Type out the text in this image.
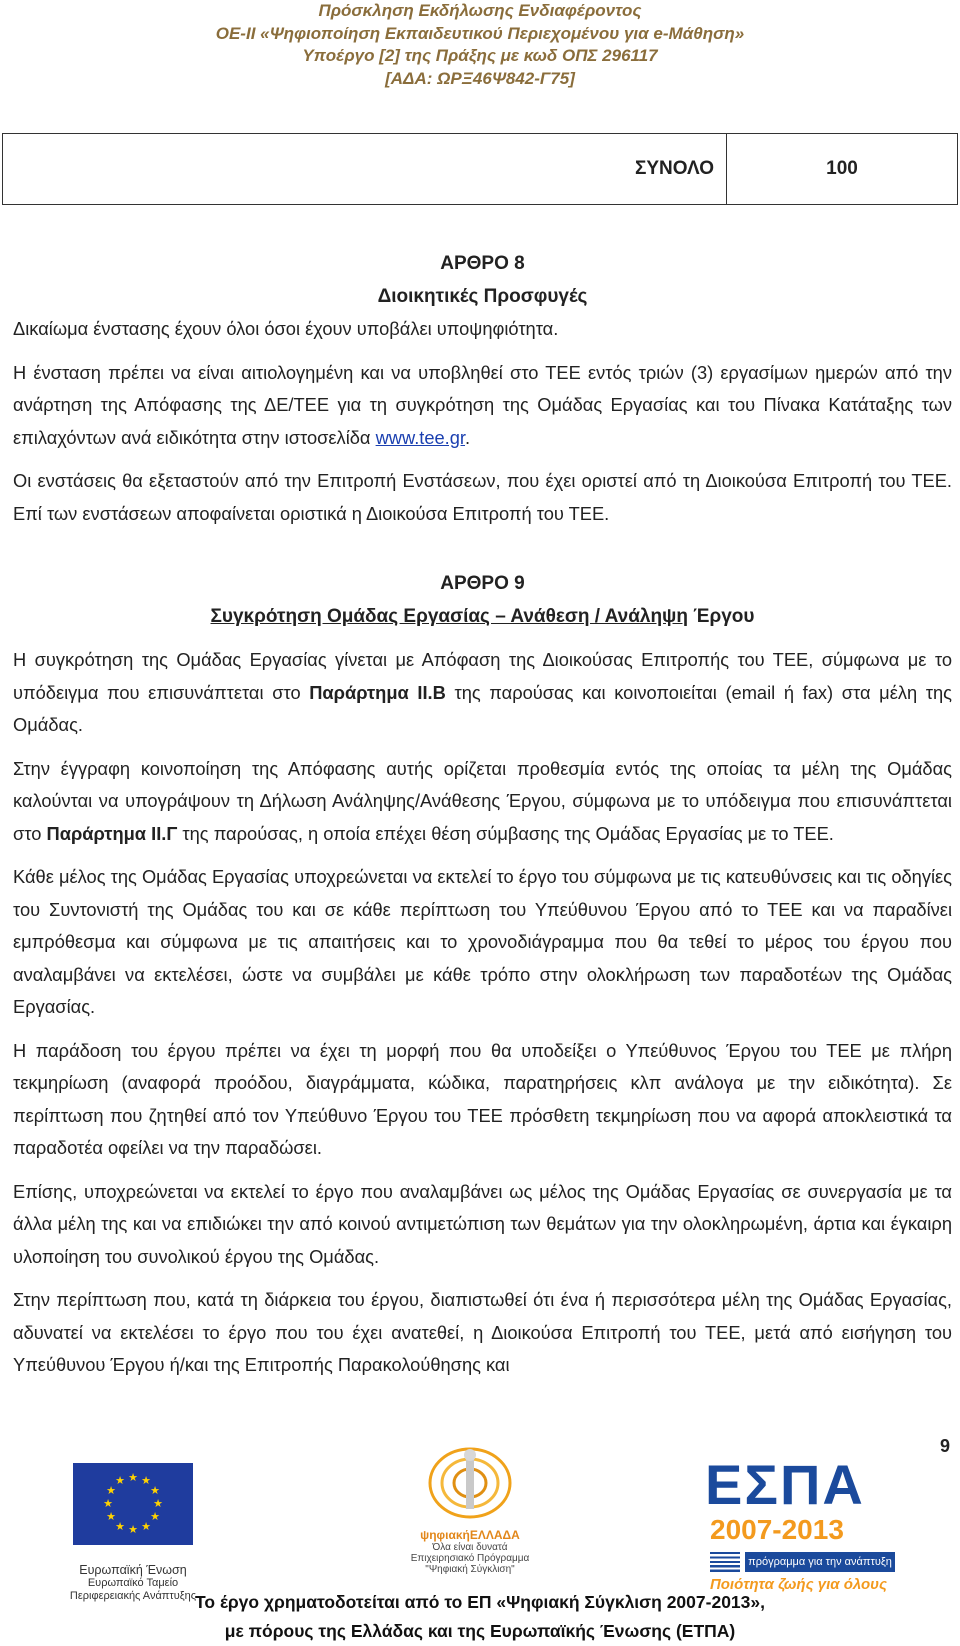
Πρόσκληση Εκδήλωσης Ενδιαφέροντος
ΟΕ-ΙΙ «Ψηφιοποίηση Εκπαιδευτικού Περιεχομένου για e-Μάθηση»
Υποέργο [2] της Πράξης με κωδ ΟΠΣ 296117
[ΑΔΑ: ΩΡΞ46Ψ842-Γ75]
ΣΥΝΟΛΟ	100
ΑΡΘΡΟ 8
Διοικητικές Προσφυγές

Δικαίωμα ένστασης έχουν όλοι όσοι έχουν υποβάλει υποψηφιότητα.

Η ένσταση πρέπει να είναι αιτιολογημένη και να υποβληθεί στο ΤΕΕ εντός τριών (3) εργασίμων ημερών από την ανάρτηση της Απόφασης της ΔΕ/ΤΕΕ για τη συγκρότηση της Ομάδας Εργασίας και του Πίνακα Κατάταξης των επιλαχόντων ανά ειδικότητα στην ιστοσελίδα www.tee.gr.

Οι ενστάσεις θα εξεταστούν από την Επιτροπή Ενστάσεων, που έχει οριστεί από τη Διοικούσα Επιτροπή του ΤΕΕ. Επί των ενστάσεων αποφαίνεται οριστικά η Διοικούσα Επιτροπή του ΤΕΕ.

ΑΡΘΡΟ 9
Συγκρότηση Ομάδας Εργασίας – Ανάθεση / Ανάληψη Έργου

Η συγκρότηση της Ομάδας Εργασίας γίνεται με Απόφαση της Διοικούσας Επιτροπής του ΤΕΕ, σύμφωνα με το υπόδειγμα που επισυνάπτεται στο Παράρτημα ΙΙ.Β της παρούσας και κοινοποιείται (email ή fax) στα μέλη της Ομάδας.

Στην έγγραφη κοινοποίηση της Απόφασης αυτής ορίζεται προθεσμία εντός της οποίας τα μέλη της Ομάδας καλούνται να υπογράψουν τη Δήλωση Ανάληψης/Ανάθεσης Έργου, σύμφωνα με το υπόδειγμα που επισυνάπτεται στο Παράρτημα ΙΙ.Γ της παρούσας, η οποία επέχει θέση σύμβασης της Ομάδας Εργασίας με το ΤΕΕ.

Κάθε μέλος της Ομάδας Εργασίας υποχρεώνεται να εκτελεί το έργο του σύμφωνα με τις κατευθύνσεις και τις οδηγίες του Συντονιστή της Ομάδας του και σε κάθε περίπτωση του Υπεύθυνου Έργου από το ΤΕΕ και να παραδίνει εμπρόθεσμα και σύμφωνα με τις απαιτήσεις και το χρονοδιάγραμμα που θα τεθεί το μέρος του έργου που αναλαμβάνει να εκτελέσει, ώστε να συμβάλει με κάθε τρόπο στην ολοκλήρωση των παραδοτέων της Ομάδας Εργασίας.

Η παράδοση του έργου πρέπει να έχει τη μορφή που θα υποδείξει ο Υπεύθυνος Έργου του ΤΕΕ με πλήρη τεκμηρίωση (αναφορά προόδου, διαγράμματα, κώδικα, παρατηρήσεις κλπ ανάλογα με την ειδικότητα). Σε περίπτωση που ζητηθεί από τον Υπεύθυνο Έργου του ΤΕΕ πρόσθετη τεκμηρίωση που να αφορά αποκλειστικά τα παραδοτέα οφείλει να την παραδώσει.

Επίσης, υποχρεώνεται να εκτελεί το έργο που αναλαμβάνει ως μέλος της Ομάδας Εργασίας σε συνεργασία με τα άλλα μέλη της και να επιδιώκει την από κοινού αντιμετώπιση των θεμάτων για την ολοκληρωμένη, άρτια και έγκαιρη υλοποίηση του συνολικού έργου της Ομάδας.

Στην περίπτωση που, κατά τη διάρκεια του έργου, διαπιστωθεί ότι ένα ή περισσότερα μέλη της Ομάδας Εργασίας, αδυνατεί να εκτελέσει το έργο που του έχει ανατεθεί, η Διοικούσα Επιτροπή του ΤΕΕ, μετά από εισήγηση του Υπεύθυνου Έργου ή/και της Επιτροπής Παρακολούθησης και

9
★ ★
★
★
★
★
★
★
★
★
★
★
Ευρωπαϊκή Ένωση
Ευρωπαϊκό Ταμείο
Περιφερειακής Ανάπτυξης
ψηφιακήΕΛΛΑΔΑ
Όλα είναι δυνατά
Επιχειρησιακό Πρόγραμμα
"Ψηφιακή Σύγκλιση"
ΕΣΠΑ
2007-2013
πρόγραμμα για την ανάπτυξη
Ποιότητα ζωής για όλους
Το έργο χρηματοδοτείται από το ΕΠ «Ψηφιακή Σύγκλιση 2007-2013»,
με πόρους της Ελλάδας και της Ευρωπαϊκής Ένωσης (ΕΤΠΑ)
